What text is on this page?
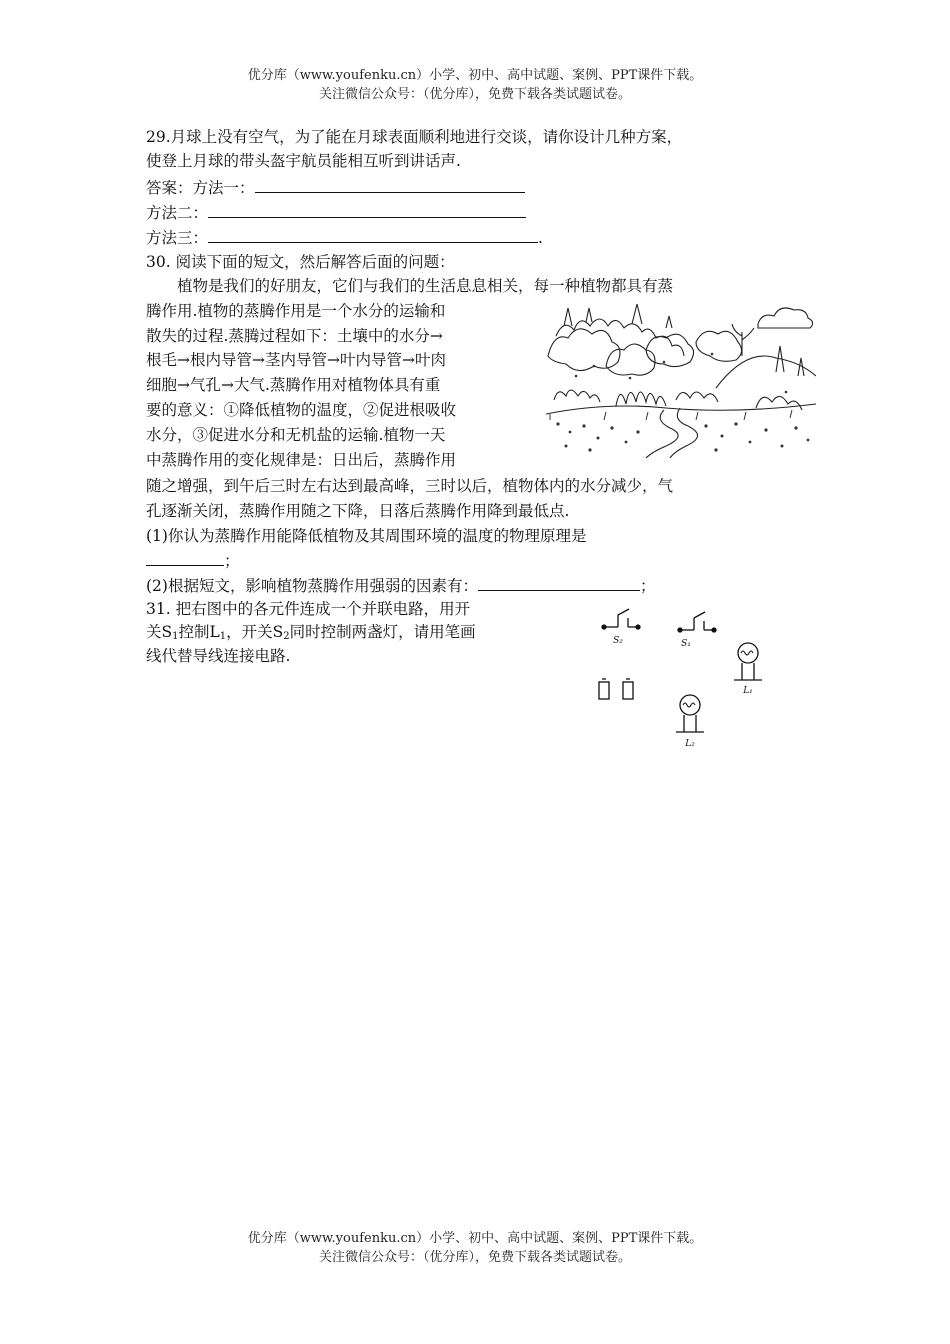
优分库（www.youfenku.cn）小学、初中、高中试题、案例、PPT课件下载。
关注微信公众号：（优分库），免费下载各类试题试卷。
29.月球上没有空气，为了能在月球表面顺利地进行交谈，请你设计几种方案，
使登上月球的带头盔宇航员能相互听到讲话声.
答案：方法一：
方法二：
方法三：	.
30. 阅读下面的短文，然后解答后面的问题：
植物是我们的好朋友，它们与我们的生活息息相关，每一种植物都具有蒸
腾作用.植物的蒸腾作用是一个水分的运输和
散失的过程.蒸腾过程如下：土壤中的水分→
根毛→根内导管→茎内导管→叶内导管→叶肉
细胞→气孔→大气.蒸腾作用对植物体具有重
要的意义：①降低植物的温度，②促进根吸收
水分，③促进水分和无机盐的运输.植物一天
中蒸腾作用的变化规律是：日出后，蒸腾作用
随之增强，到午后三时左右达到最高峰，三时以后，植物体内的水分减少，气
孔逐渐关闭，蒸腾作用随之下降，日落后蒸腾作用降到最低点.
(1)你认为蒸腾作用能降低植物及其周围环境的温度的物理原理是
；
(2)根据短文，影响植物蒸腾作用强弱的因素有：	；
31. 把右图中的各元件连成一个并联电路，用开
关$S_1$控制$L_1$，开关$S_2$同时控制两盏灯，请用笔画
线代替导线连接电路.
S₂	S₁
L₁
L₂
优分库（www.youfenku.cn）小学、初中、高中试题、案例、PPT课件下载。
关注微信公众号：（优分库），免费下载各类试题试卷。
